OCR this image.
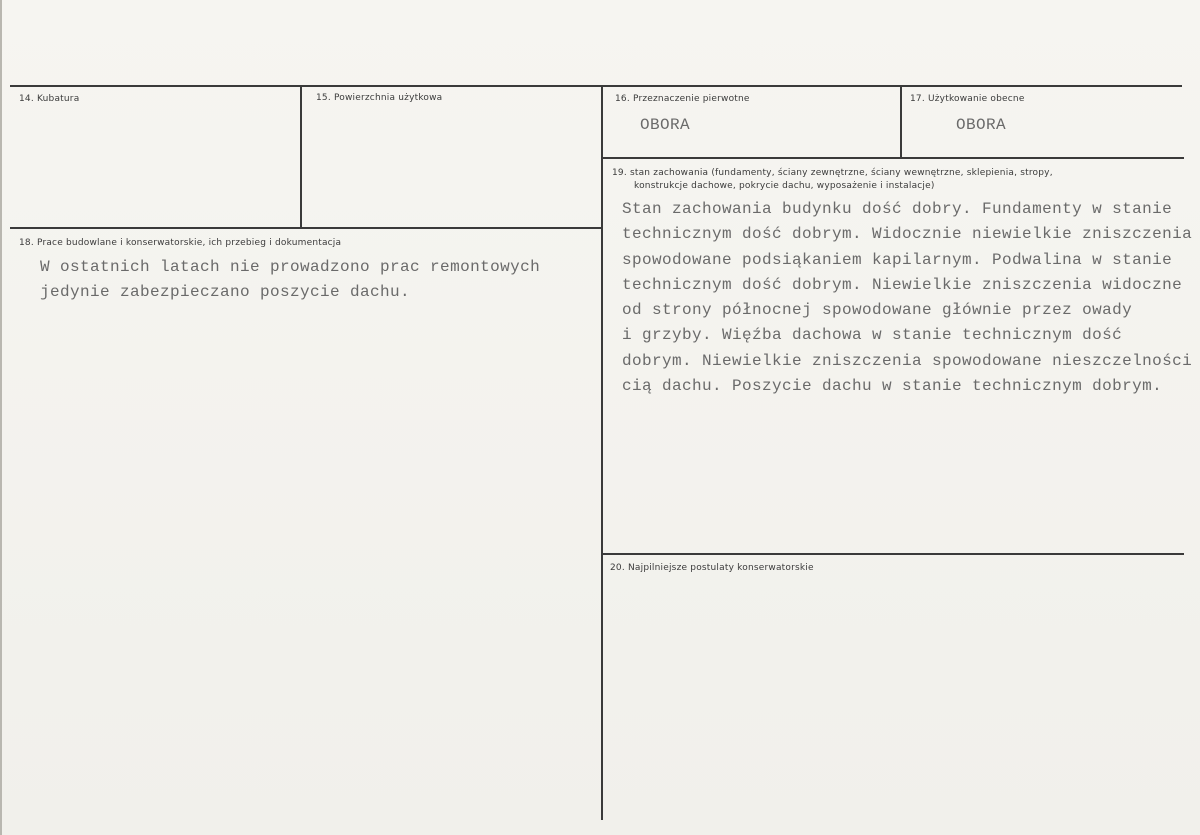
14. Kubatura	15. Powierzchnia użytkowa	16. Przeznaczenie pierwotne
OBORA
17. Użytkowanie obecne
OBORA
18. Prace budowlane i konserwatorskie, ich przebieg i dokumentacja
W ostatnich latach nie prowadzono prac remontowych
jedynie zabezpieczano poszycie dachu.
19. stan zachowania (fundamenty, ściany zewnętrzne, ściany wewnętrzne, sklepienia, stropy,
konstrukcje dachowe, pokrycie dachu, wyposażenie i instalacje)
Stan zachowania budynku dość dobry. Fundamenty w stanie
technicznym dość dobrym. Widocznie niewielkie zniszczenia
spowodowane podsiąkaniem kapilarnym. Podwalina w stanie
technicznym dość dobrym. Niewielkie zniszczenia widoczne
od strony północnej spowodowane głównie przez owady
i grzyby. Więźba dachowa w stanie technicznym dość
dobrym. Niewielkie zniszczenia spowodowane nieszczelności
cią dachu. Poszycie dachu w stanie technicznym dobrym.
20. Najpilniejsze postulaty konserwatorskie
